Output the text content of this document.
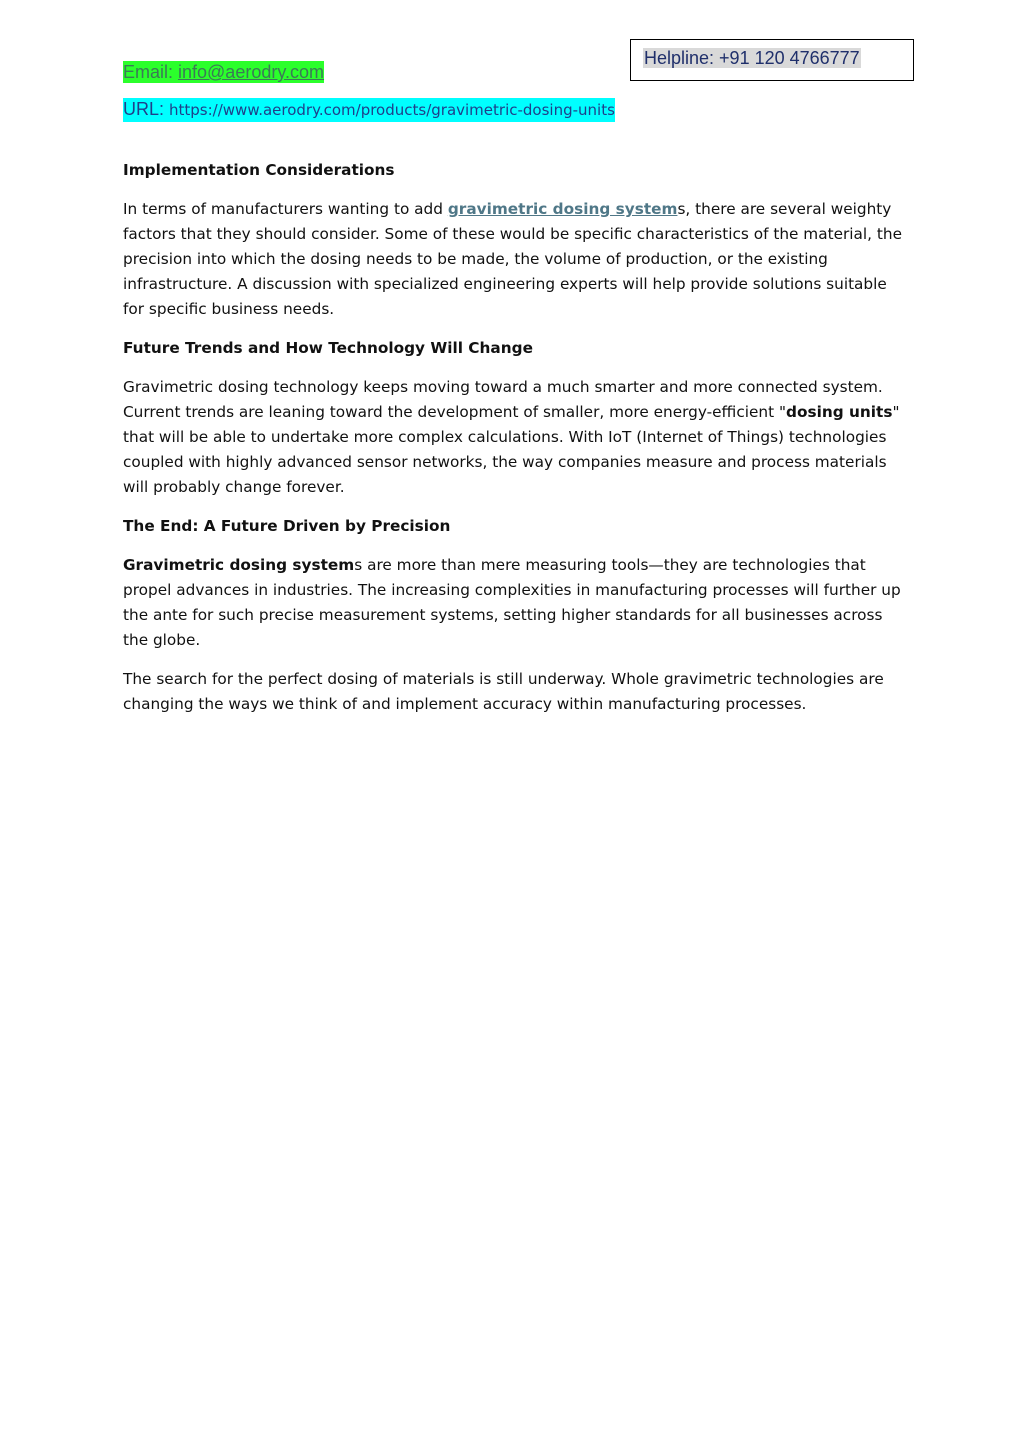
Helpline: +91 120 4766777
Email: info@aerodry.com
URL: https://www.aerodry.com/products/gravimetric-dosing-units
Implementation Considerations

In terms of manufacturers wanting to add gravimetric dosing systems, there are several weighty factors that they should consider. Some of these would be specific characteristics of the material, the precision into which the dosing needs to be made, the volume of production, or the existing infrastructure. A discussion with specialized engineering experts will help provide solutions suitable for specific business needs.

Future Trends and How Technology Will Change

Gravimetric dosing technology keeps moving toward a much smarter and more connected system. Current trends are leaning toward the development of smaller, more energy-efficient "dosing units" that will be able to undertake more complex calculations. With IoT (Internet of Things) technologies coupled with highly advanced sensor networks, the way companies measure and process materials will probably change forever.

The End: A Future Driven by Precision

Gravimetric dosing systems are more than mere measuring tools—they are technologies that propel advances in industries. The increasing complexities in manufacturing processes will further up the ante for such precise measurement systems, setting higher standards for all businesses across the globe.

The search for the perfect dosing of materials is still underway. Whole gravimetric technologies are changing the ways we think of and implement accuracy within manufacturing processes.
